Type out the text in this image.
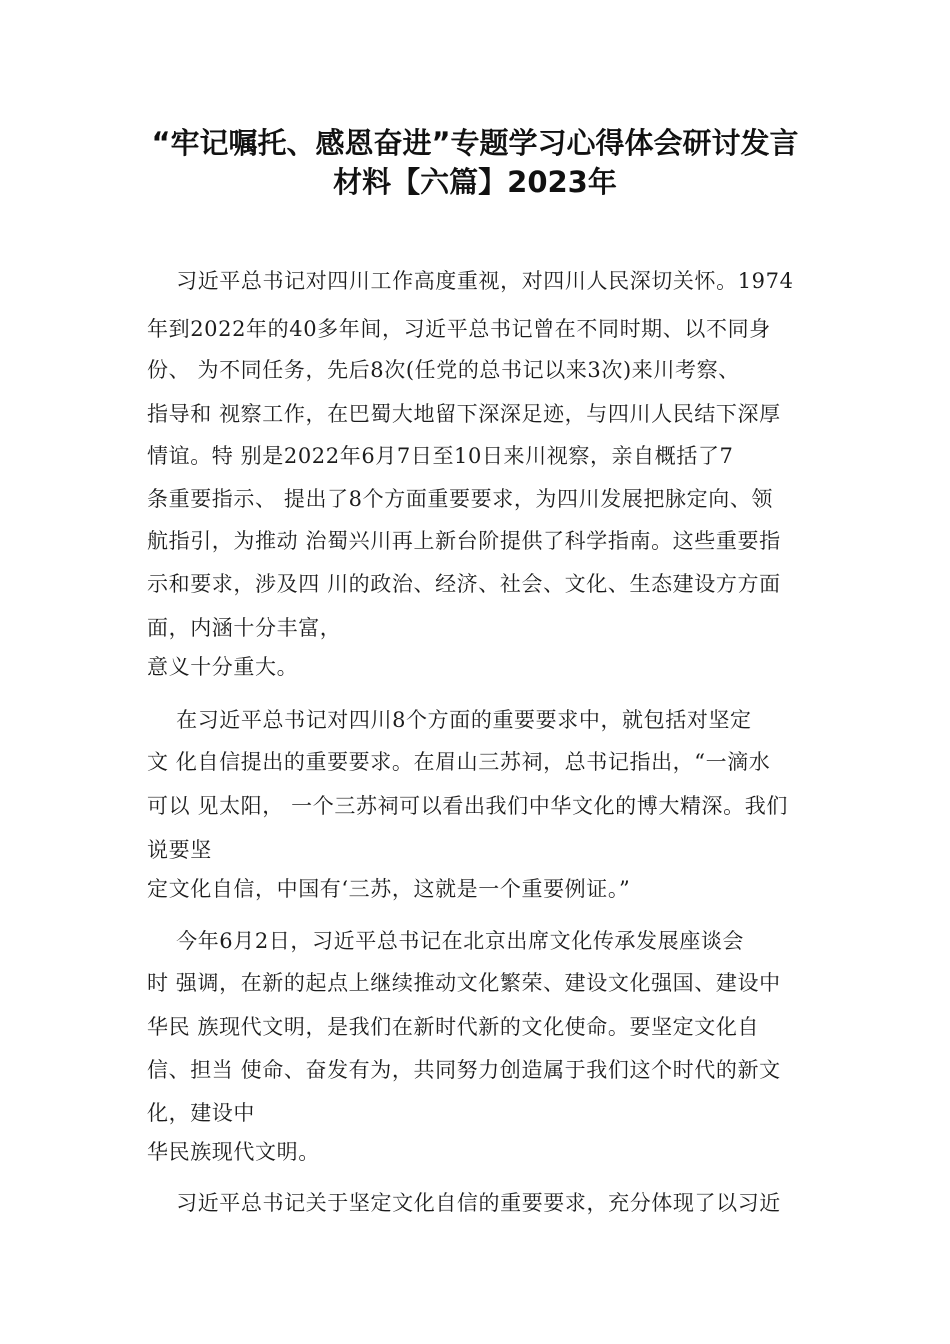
“牢记嘱托、感恩奋进”专题学习心得体会研讨发言
材料【六篇】2023年
习近平总书记对四川工作高度重视，对四川人民深切关怀。1974
年到2022年的40多年间，习近平总书记曾在不同时期、以不同身
份、 为不同任务，先后8次(任党的总书记以来3次)来川考察、
指导和 视察工作，在巴蜀大地留下深深足迹，与四川人民结下深厚
情谊。特 别是2022年6月7日至10日来川视察，亲自概括了7
条重要指示、 提出了8个方面重要要求，为四川发展把脉定向、领
航指引，为推动 治蜀兴川再上新台阶提供了科学指南。这些重要指
示和要求，涉及四 川的政治、经济、社会、文化、生态建设方方面
面，内涵十分丰富，
意义十分重大。
在习近平总书记对四川8个方面的重要要求中，就包括对坚定
文 化自信提出的重要要求。在眉山三苏祠，总书记指出，“一滴水
可以 见太阳， 一个三苏祠可以看出我们中华文化的博大精深。我们
说要坚
定文化自信，中国有‘三苏，这就是一个重要例证。”
今年6月2日，习近平总书记在北京出席文化传承发展座谈会
时 强调，在新的起点上继续推动文化繁荣、建设文化强国、建设中
华民 族现代文明，是我们在新时代新的文化使命。要坚定文化自
信、担当 使命、奋发有为，共同努力创造属于我们这个时代的新文
化，建设中
华民族现代文明。
习近平总书记关于坚定文化自信的重要要求，充分体现了以习近
